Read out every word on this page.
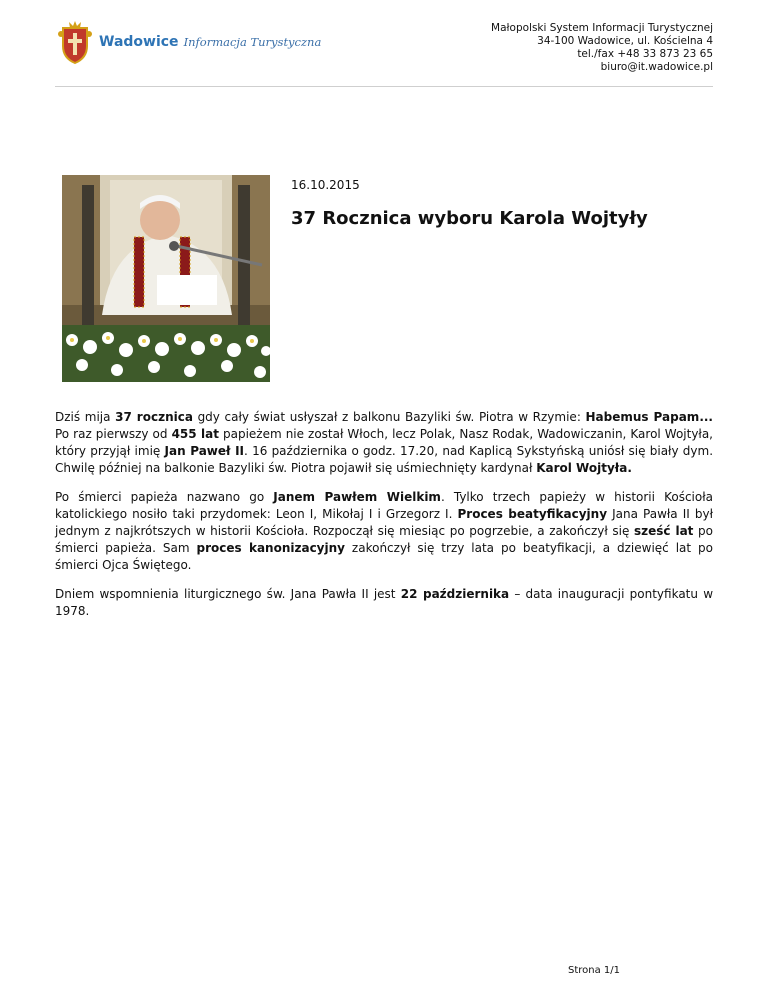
Wadowice Informacja Turystyczna
Małopolski System Informacji Turystycznej
34-100 Wadowice, ul. Kościelna 4
tel./fax +48 33 873 23 65
biuro@it.wadowice.pl
16.10.2015
37 Rocznica wyboru Karola Wojtyły

Dziś mija 37 rocznica gdy cały świat usłyszał z balkonu Bazyliki św. Piotra w Rzymie: Habemus Papam... Po raz pierwszy od 455 lat papieżem nie został Włoch, lecz Polak, Nasz Rodak, Wadowiczanin, Karol Wojtyła, który przyjął imię Jan Paweł II. 16 października o godz. 17.20, nad Kaplicą Sykstyńską uniósł się biały dym. Chwilę później na balkonie Bazyliki św. Piotra pojawił się uśmiechnięty kardynał Karol Wojtyła.

Po śmierci papieża nazwano go Janem Pawłem Wielkim. Tylko trzech papieży w historii Kościoła katolickiego nosiło taki przydomek: Leon I, Mikołaj I i Grzegorz I. Proces beatyfikacyjny Jana Pawła II był jednym z najkrótszych w historii Kościoła. Rozpoczął się miesiąc po pogrzebie, a zakończył się sześć lat po śmierci papieża. Sam proces kanonizacyjny zakończył się trzy lata po beatyfikacji, a dziewięć lat po śmierci Ojca Świętego.

Dniem wspomnienia liturgicznego św. Jana Pawła II jest 22 października – data inauguracji pontyfikatu w 1978.

Strona 1/1
